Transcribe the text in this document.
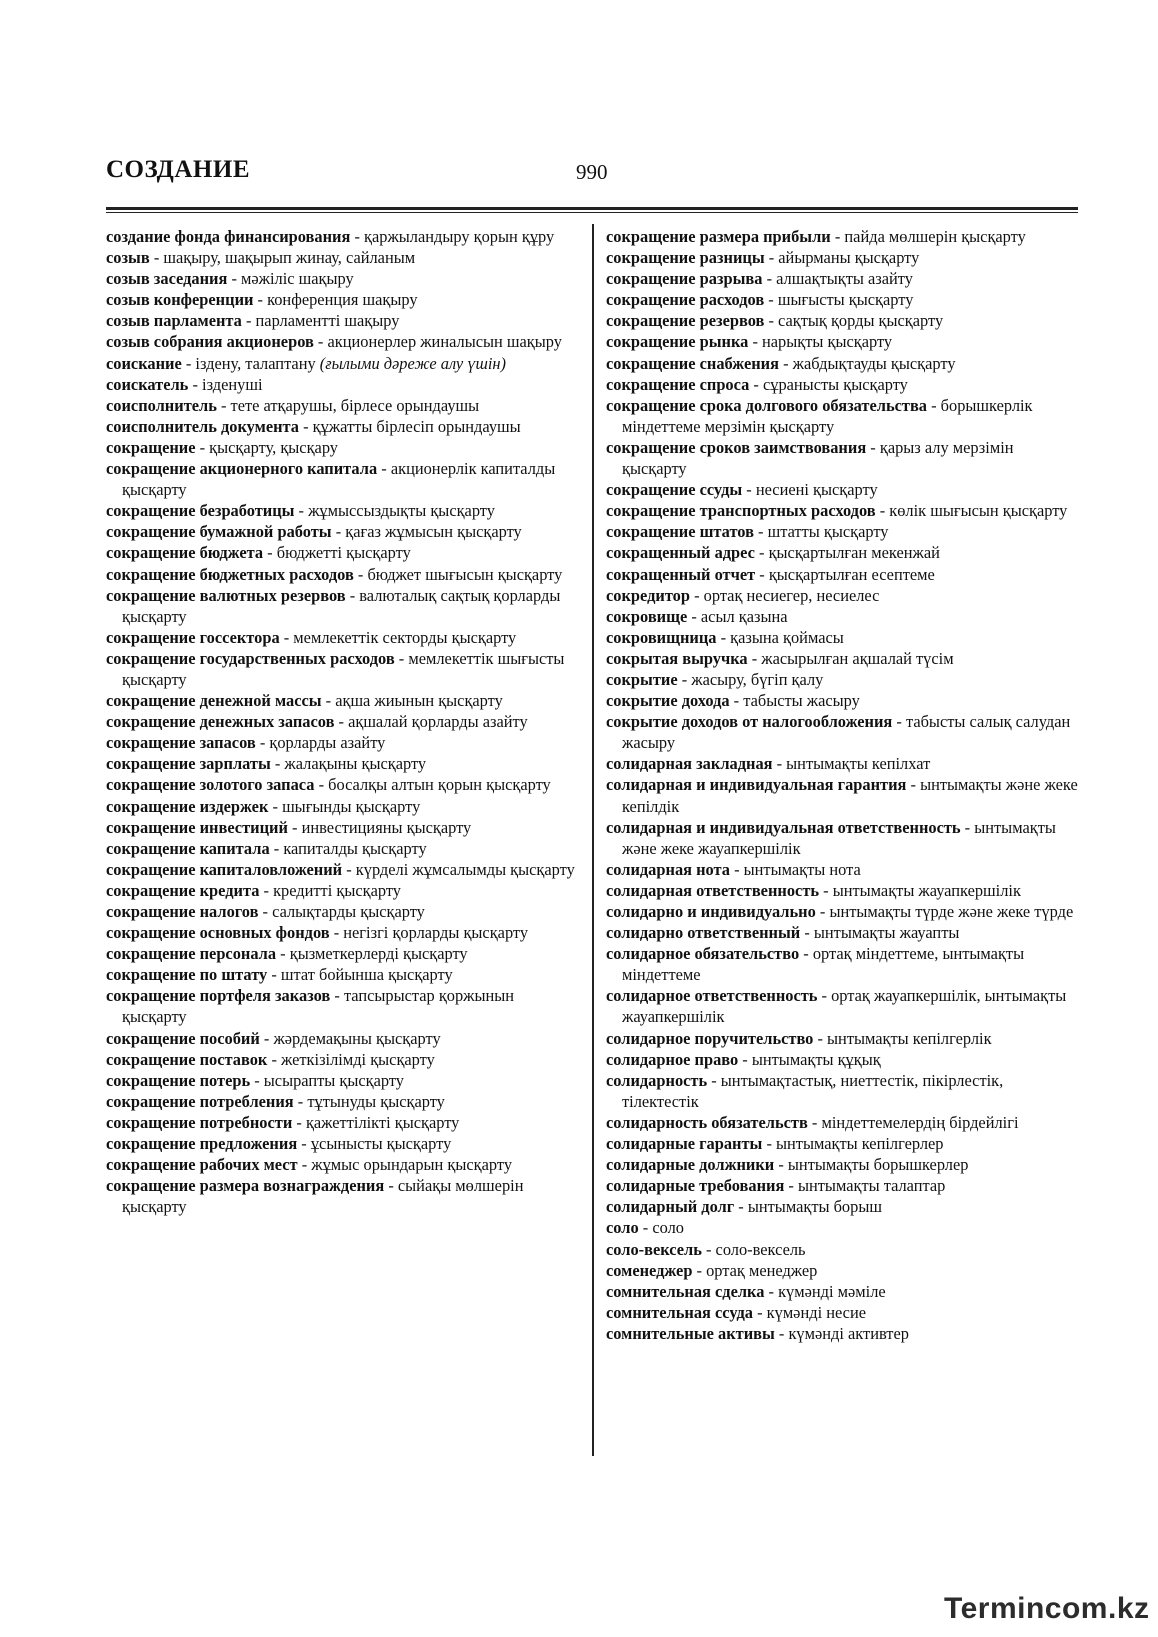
СОЗДАНИЕ	990
создание фонда финансирования - қаржыландыру қорын құру
созыв - шақыру, шақырып жинау, сайланым
созыв заседания - мәжіліс шақыру
созыв конференции - конференция шақыру
созыв парламента - парламентті шақыру
созыв собрания акционеров - акционерлер жиналысын шақыру
соискание - іздену, талаптану (ғылыми дәреже алу үшін)
соискатель - ізденуші
соисполнитель - тете атқарушы, бірлесе орындаушы
соисполнитель документа - құжатты бірлесіп орындаушы
сокращение - қысқарту, қысқару
сокращение акционерного капитала - акционерлік капиталды қысқарту
сокращение безработицы - жұмыссыздықты қысқарту
сокращение бумажной работы - қағаз жұмысын қысқарту
сокращение бюджета - бюджетті қысқарту
сокращение бюджетных расходов - бюджет шығысын қысқарту
сокращение валютных резервов - валюталық сақтық қорларды қысқарту
сокращение госсектора - мемлекеттік секторды қысқарту
сокращение государственных расходов - мемлекеттік шығысты қысқарту
сокращение денежной массы - ақша жиынын қысқарту
сокращение денежных запасов - ақшалай қорларды азайту
сокращение запасов - қорларды азайту
сокращение зарплаты - жалақыны қысқарту
сокращение золотого запаса - босалқы алтын қорын қысқарту
сокращение издержек - шығынды қысқарту
сокращение инвестиций - инвестицияны қысқарту
сокращение капитала - капиталды қысқарту
сокращение капиталовложений - күрделі жұмсалымды қысқарту
сокращение кредита - кредитті қысқарту
сокращение налогов - салықтарды қысқарту
сокращение основных фондов - негізгі қорларды қысқарту
сокращение персонала - қызметкерлерді қысқарту
сокращение по штату - штат бойынша қысқарту
сокращение портфеля заказов - тапсырыстар қоржынын қысқарту
сокращение пособий - жәрдемақыны қысқарту
сокращение поставок - жеткізілімді қысқарту
сокращение потерь - ысырапты қысқарту
сокращение потребления - тұтынуды қысқарту
сокращение потребности - қажеттілікті қысқарту
сокращение предложения - ұсынысты қысқарту
сокращение рабочих мест - жұмыс орындарын қысқарту
сокращение размера вознаграждения - сыйақы мөлшерін қысқарту
сокращение размера прибыли - пайда мөлшерін қысқарту
сокращение разницы - айырманы қысқарту
сокращение разрыва - алшақтықты азайту
сокращение расходов - шығысты қысқарту
сокращение резервов - сақтық қорды қысқарту
сокращение рынка - нарықты қысқарту
сокращение снабжения - жабдықтауды қысқарту
сокращение спроса - сұранысты қысқарту
сокращение срока долгового обязательства - борышкерлік міндеттеме мерзімін қысқарту
сокращение сроков заимствования - қарыз алу мерзімін қысқарту
сокращение ссуды - несиені қысқарту
сокращение транспортных расходов - көлік шығысын қысқарту
сокращение штатов - штатты қысқарту
сокращенный адрес - қысқартылған мекенжай
сокращенный отчет - қысқартылған есептеме
сокредитор - ортақ несиегер, несиелес
сокровище - асыл қазына
сокровищница - қазына қоймасы
сокрытая выручка - жасырылған ақшалай түсім
сокрытие - жасыру, бүгіп қалу
сокрытие дохода - табысты жасыру
сокрытие доходов от налогообложения - табысты салық салудан жасыру
солидарная закладная - ынтымақты кепілхат
солидарная и индивидуальная гарантия - ынтымақты және жеке кепілдік
солидарная и индивидуальная ответственность - ынтымақты және жеке жауапкершілік
солидарная нота - ынтымақты нота
солидарная ответственность - ынтымақты жауапкершілік
солидарно и индивидуально - ынтымақты түрде және жеке түрде
солидарно ответственный - ынтымақты жауапты
солидарное обязательство - ортақ міндеттеме, ынтымақты міндеттеме
солидарное ответственность - ортақ жауапкершілік, ынтымақты жауапкершілік
солидарное поручительство - ынтымақты кепілгерлік
солидарное право - ынтымақты құқық
солидарность - ынтымақтастық, ниеттестік, пікірлестік, тілектестік
солидарность обязательств - міндеттемелердің бірдейлігі
солидарные гаранты - ынтымақты кепілгерлер
солидарные должники - ынтымақты борышкерлер
солидарные требования - ынтымақты талаптар
солидарный долг - ынтымақты борыш
соло - соло
соло-вексель - соло-вексель
соменеджер - ортақ менеджер
сомнительная сделка - күмәнді мәміле
сомнительная ссуда - күмәнді несие
сомнительные активы - күмәнді активтер
Termincom.kz
